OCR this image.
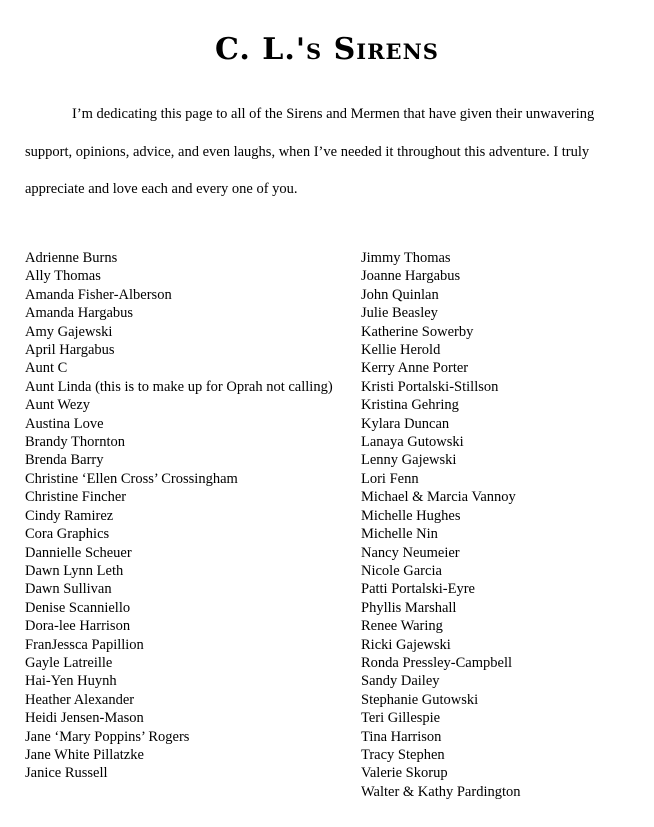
C. L.'s Sirens

I’m dedicating this page to all of the Sirens and Mermen that have given their unwavering support, opinions, advice, and even laughs, when I’ve needed it throughout this adventure. I truly appreciate and love each and every one of you.

Adrienne Burns
Ally Thomas
Amanda Fisher-Alberson
Amanda Hargabus
Amy Gajewski
April Hargabus
Aunt C
Aunt Linda (this is to make up for Oprah not calling)
Aunt Wezy
Austina Love
Brandy Thornton
Brenda Barry
Christine ‘Ellen Cross’ Crossingham
Christine Fincher
Cindy Ramirez
Cora Graphics
Dannielle Scheuer
Dawn Lynn Leth
Dawn Sullivan
Denise Scanniello
Dora-lee Harrison
FranJessca Papillion
Gayle Latreille
Hai-Yen Huynh
Heather Alexander
Heidi Jensen-Mason
Jane ‘Mary Poppins’ Rogers
Jane White Pillatzke
Janice Russell
Jimmy Thomas
Joanne Hargabus
John Quinlan
Julie Beasley
Katherine Sowerby
Kellie Herold
Kerry Anne Porter
Kristi Portalski-Stillson
Kristina Gehring
Kylara Duncan
Lanaya Gutowski
Lenny Gajewski
Lori Fenn
Michael & Marcia Vannoy
Michelle Hughes
Michelle Nin
Nancy Neumeier
Nicole Garcia
Patti Portalski-Eyre
Phyllis Marshall
Renee Waring
Ricki Gajewski
Ronda Pressley-Campbell
Sandy Dailey
Stephanie Gutowski
Teri Gillespie
Tina Harrison
Tracy Stephen
Valerie Skorup
Walter & Kathy Pardington
